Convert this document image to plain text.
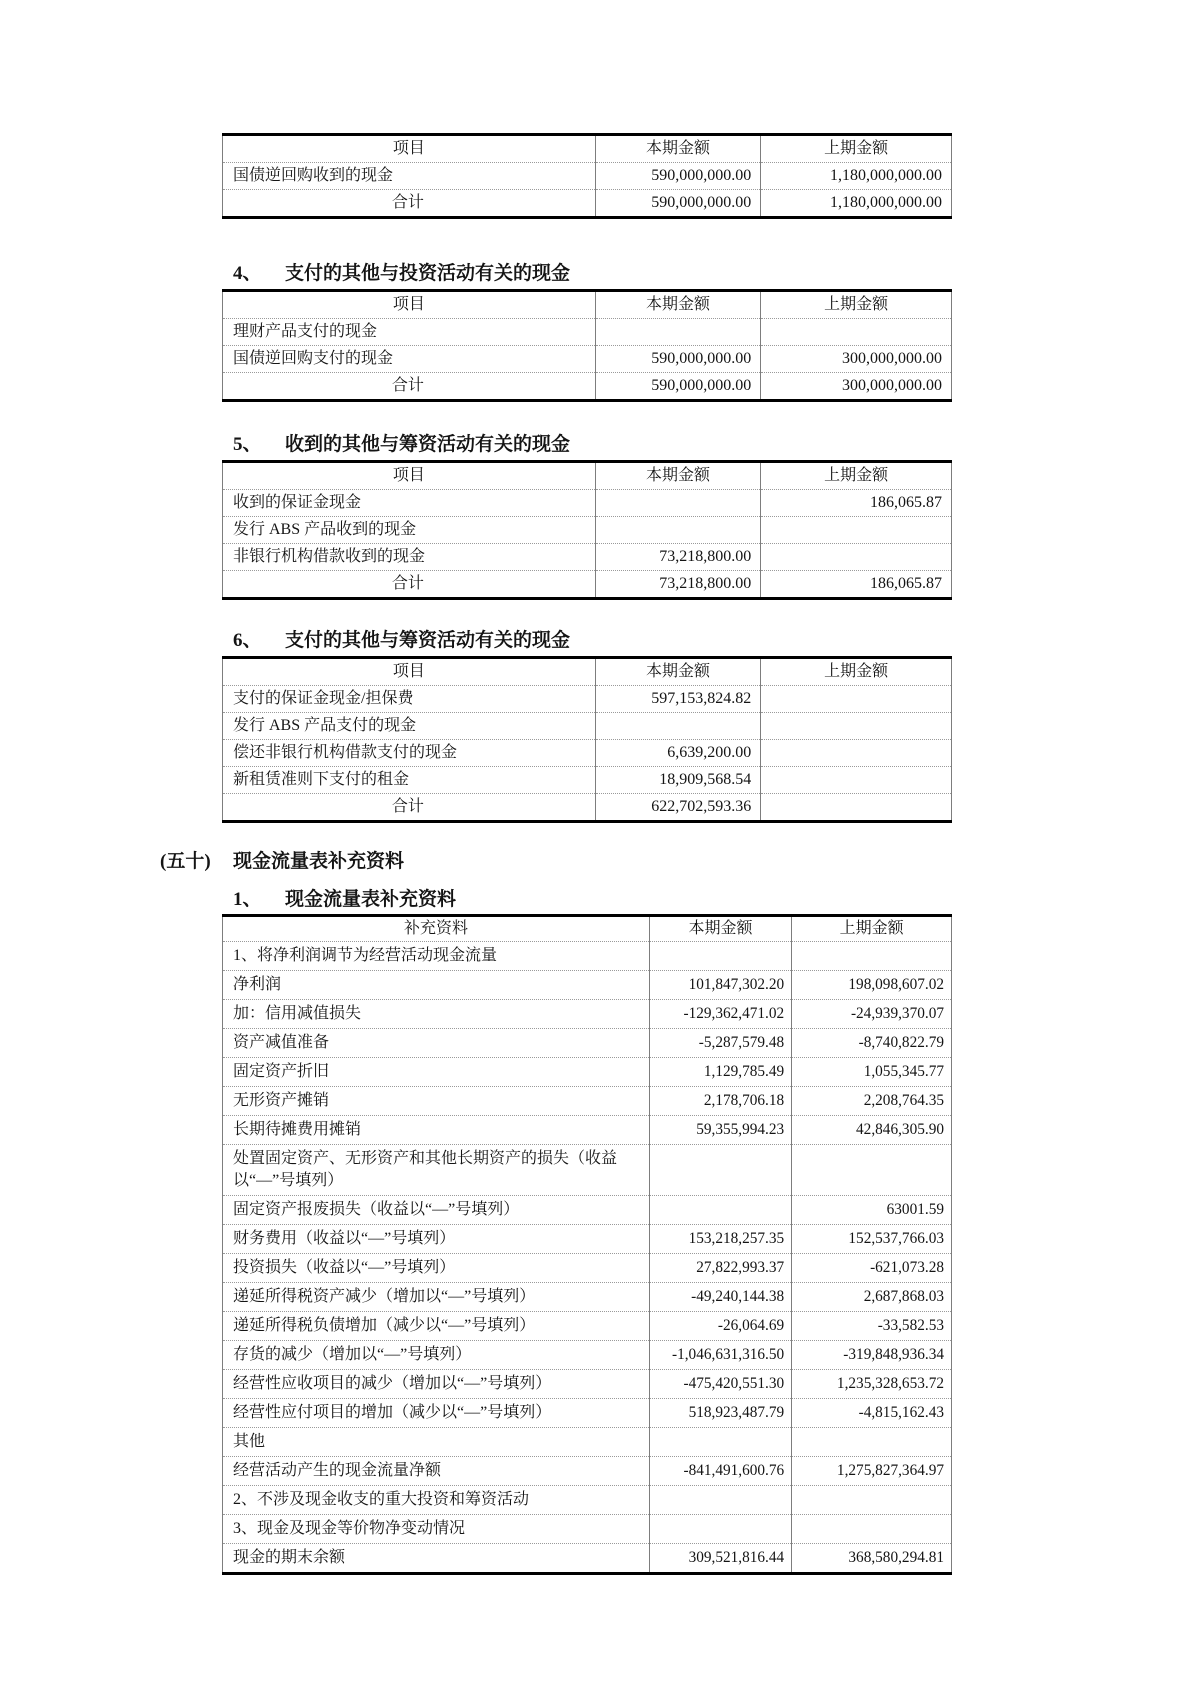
项目	本期金额	上期金额
国债逆回购收到的现金	590,000,000.00	1,180,000,000.00
合计	590,000,000.00	1,180,000,000.00
4、 支付的其他与投资活动有关的现金
项目	本期金额	上期金额
理财产品支付的现金		
国债逆回购支付的现金	590,000,000.00	300,000,000.00
合计	590,000,000.00	300,000,000.00
5、 收到的其他与筹资活动有关的现金
项目	本期金额	上期金额
收到的保证金现金		186,065.87
发行 ABS 产品收到的现金		
非银行机构借款收到的现金	73,218,800.00	
合计	73,218,800.00	186,065.87
6、 支付的其他与筹资活动有关的现金
项目	本期金额	上期金额
支付的保证金现金/担保费	597,153,824.82	
发行 ABS 产品支付的现金		
偿还非银行机构借款支付的现金	6,639,200.00	
新租赁准则下支付的租金	18,909,568.54	
合计	622,702,593.36	
(五十) 现金流量表补充资料
1、 现金流量表补充资料
补充资料	本期金额	上期金额
1、将净利润调节为经营活动现金流量		
净利润	101,847,302.20	198,098,607.02
加：信用减值损失	-129,362,471.02	-24,939,370.07
资产减值准备	-5,287,579.48	-8,740,822.79
固定资产折旧	1,129,785.49	1,055,345.77
无形资产摊销	2,178,706.18	2,208,764.35
长期待摊费用摊销	59,355,994.23	42,846,305.90
处置固定资产、无形资产和其他长期资产的损失（收益以“—”号填列）		
固定资产报废损失（收益以“—”号填列）		63001.59
财务费用（收益以“—”号填列）	153,218,257.35	152,537,766.03
投资损失（收益以“—”号填列）	27,822,993.37	-621,073.28
递延所得税资产减少（增加以“—”号填列）	-49,240,144.38	2,687,868.03
递延所得税负债增加（减少以“—”号填列）	-26,064.69	-33,582.53
存货的减少（增加以“—”号填列）	-1,046,631,316.50	-319,848,936.34
经营性应收项目的减少（增加以“—”号填列）	-475,420,551.30	1,235,328,653.72
经营性应付项目的增加（减少以“—”号填列）	518,923,487.79	-4,815,162.43
其他		
经营活动产生的现金流量净额	-841,491,600.76	1,275,827,364.97
2、不涉及现金收支的重大投资和筹资活动		
3、现金及现金等价物净变动情况		
现金的期末余额	309,521,816.44	368,580,294.81
